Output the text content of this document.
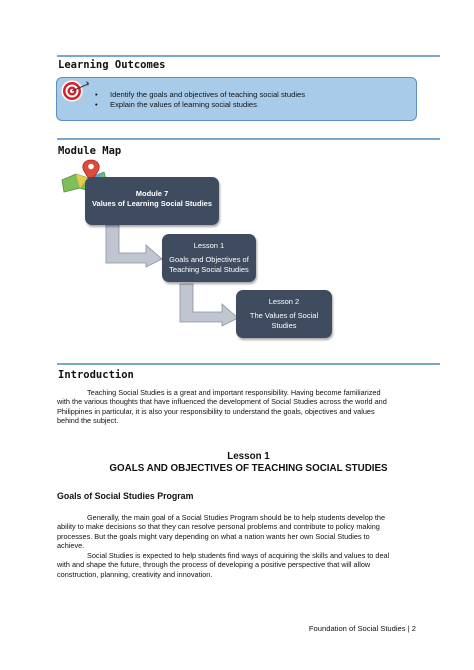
Learning Outcomes
• Identify the goals and objectives of teaching social studies
• Explain the values of learning social studies
Module Map
Module 7
Values of Learning Social Studies
Lesson 1
Goals and Objectives of
Teaching Social Studies
Lesson 2
The Values of Social
Studies
Introduction
Teaching Social Studies is a great and important responsibility. Having become familiarized
with the various thoughts that have influenced the development of Social Studies across the world and
Philippines in particular, it is also your responsibility to understand the goals, objectives and values
behind the subject.
Lesson 1
GOALS AND OBJECTIVES OF TEACHING SOCIAL STUDIES
Goals of Social Studies Program
Generally, the main goal of a Social Studies Program should be to help students develop the
ability to make decisions so that they can resolve personal problems and contribute to policy making
processes. But the goals might vary depending on what a nation wants her own Social Studies to
achieve.
Social Studies is expected to help students find ways of acquiring the skills and values to deal
with and shape the future, through the process of developing a positive perspective that will allow
construction, planning, creativity and innovation.
Foundation of Social Studies | 2
